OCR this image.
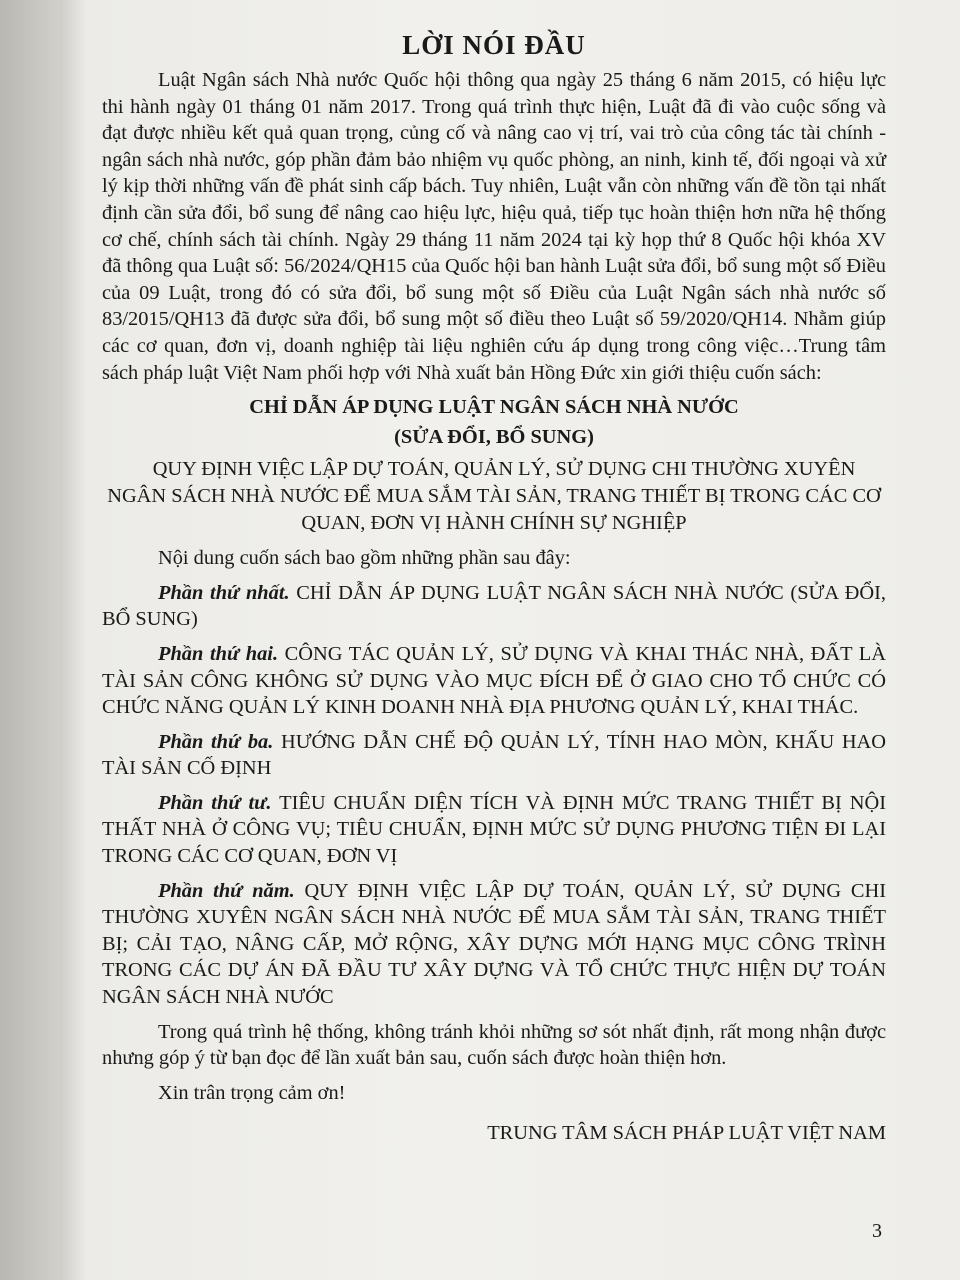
LỜI NÓI ĐẦU

Luật Ngân sách Nhà nước Quốc hội thông qua ngày 25 tháng 6 năm 2015, có hiệu lực thi hành ngày 01 tháng 01 năm 2017. Trong quá trình thực hiện, Luật đã đi vào cuộc sống và đạt được nhiều kết quả quan trọng, củng cố và nâng cao vị trí, vai trò của công tác tài chính - ngân sách nhà nước, góp phần đảm bảo nhiệm vụ quốc phòng, an ninh, kinh tế, đối ngoại và xử lý kịp thời những vấn đề phát sinh cấp bách. Tuy nhiên, Luật vẫn còn những vấn đề tồn tại nhất định cần sửa đổi, bổ sung để nâng cao hiệu lực, hiệu quả, tiếp tục hoàn thiện hơn nữa hệ thống cơ chế, chính sách tài chính. Ngày 29 tháng 11 năm 2024 tại kỳ họp thứ 8 Quốc hội khóa XV đã thông qua Luật số: 56/2024/QH15 của Quốc hội ban hành Luật sửa đổi, bổ sung một số Điều của 09 Luật, trong đó có sửa đổi, bổ sung một số Điều của Luật Ngân sách nhà nước số 83/2015/QH13 đã được sửa đổi, bổ sung một số điều theo Luật số 59/2020/QH14. Nhằm giúp các cơ quan, đơn vị, doanh nghiệp tài liệu nghiên cứu áp dụng trong công việc…Trung tâm sách pháp luật Việt Nam phối hợp với Nhà xuất bản Hồng Đức xin giới thiệu cuốn sách:

CHỈ DẪN ÁP DỤNG LUẬT NGÂN SÁCH NHÀ NƯỚC
(SỬA ĐỔI, BỔ SUNG)
QUY ĐỊNH VIỆC LẬP DỰ TOÁN, QUẢN LÝ, SỬ DỤNG CHI THƯỜNG XUYÊN NGÂN SÁCH NHÀ NƯỚC ĐỂ MUA SẮM TÀI SẢN, TRANG THIẾT BỊ TRONG CÁC CƠ QUAN, ĐƠN VỊ HÀNH CHÍNH SỰ NGHIỆP

Nội dung cuốn sách bao gồm những phần sau đây:

Phần thứ nhất. CHỈ DẪN ÁP DỤNG LUẬT NGÂN SÁCH NHÀ NƯỚC (SỬA ĐỔI, BỔ SUNG)

Phần thứ hai. CÔNG TÁC QUẢN LÝ, SỬ DỤNG VÀ KHAI THÁC NHÀ, ĐẤT LÀ TÀI SẢN CÔNG KHÔNG SỬ DỤNG VÀO MỤC ĐÍCH ĐỂ Ở GIAO CHO TỔ CHỨC CÓ CHỨC NĂNG QUẢN LÝ KINH DOANH NHÀ ĐỊA PHƯƠNG QUẢN LÝ, KHAI THÁC.

Phần thứ ba. HƯỚNG DẪN CHẾ ĐỘ QUẢN LÝ, TÍNH HAO MÒN, KHẤU HAO TÀI SẢN CỐ ĐỊNH

Phần thứ tư. TIÊU CHUẨN DIỆN TÍCH VÀ ĐỊNH MỨC TRANG THIẾT BỊ NỘI THẤT NHÀ Ở CÔNG VỤ; TIÊU CHUẨN, ĐỊNH MỨC SỬ DỤNG PHƯƠNG TIỆN ĐI LẠI TRONG CÁC CƠ QUAN, ĐƠN VỊ

Phần thứ năm. QUY ĐỊNH VIỆC LẬP DỰ TOÁN, QUẢN LÝ, SỬ DỤNG CHI THƯỜNG XUYÊN NGÂN SÁCH NHÀ NƯỚC ĐỂ MUA SẮM TÀI SẢN, TRANG THIẾT BỊ; CẢI TẠO, NÂNG CẤP, MỞ RỘNG, XÂY DỰNG MỚI HẠNG MỤC CÔNG TRÌNH TRONG CÁC DỰ ÁN ĐÃ ĐẦU TƯ XÂY DỰNG VÀ TỔ CHỨC THỰC HIỆN DỰ TOÁN NGÂN SÁCH NHÀ NƯỚC

Trong quá trình hệ thống, không tránh khỏi những sơ sót nhất định, rất mong nhận được nhưng góp ý từ bạn đọc để lần xuất bản sau, cuốn sách được hoàn thiện hơn.

Xin trân trọng cảm ơn!

TRUNG TÂM SÁCH PHÁP LUẬT VIỆT NAM

3
